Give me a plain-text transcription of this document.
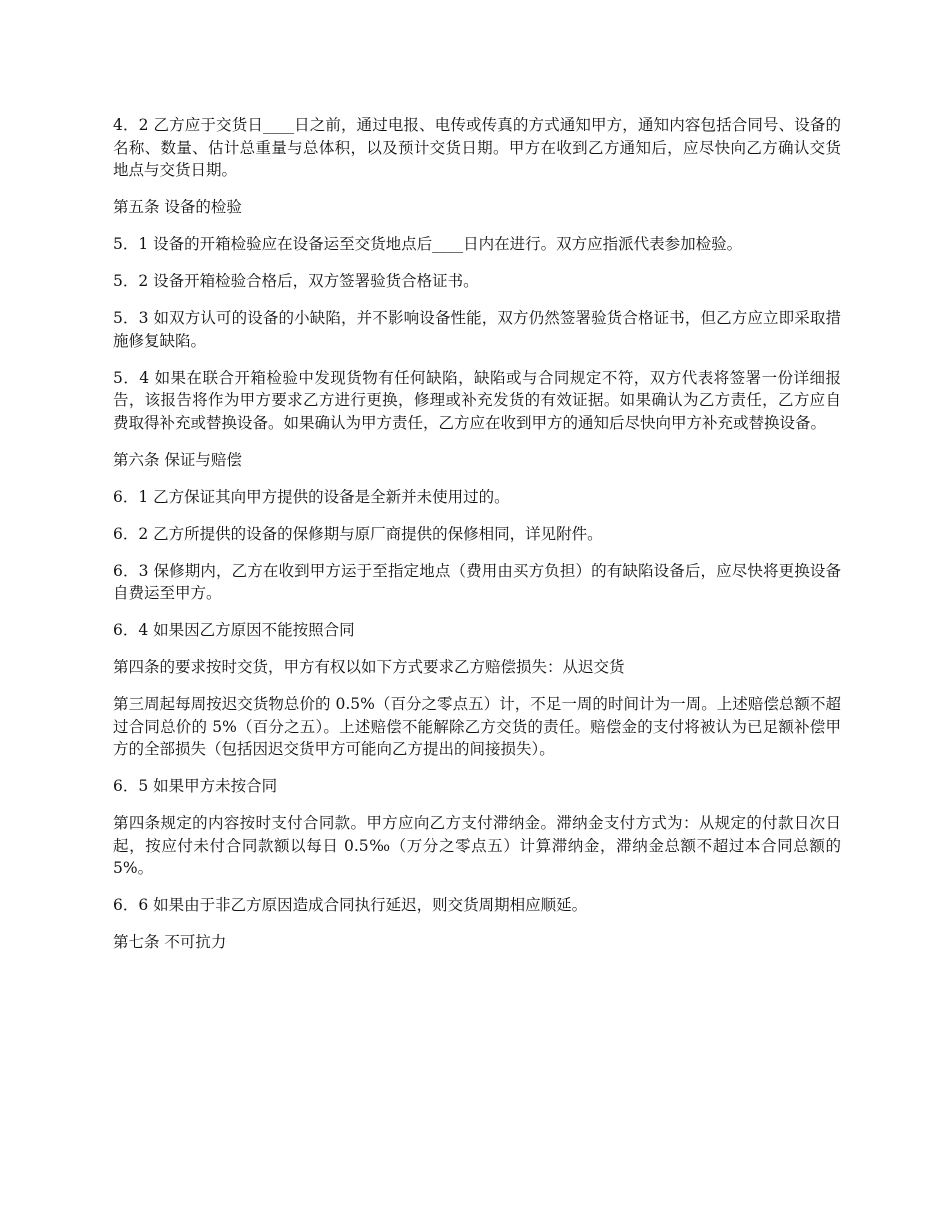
4．2 乙方应于交货日____日之前，通过电报、电传或传真的方式通知甲方，通知内容包括合同号、设备的名称、数量、估计总重量与总体积，以及预计交货日期。甲方在收到乙方通知后，应尽快向乙方确认交货地点与交货日期。

第五条 设备的检验

5．1 设备的开箱检验应在设备运至交货地点后____日内在进行。双方应指派代表参加检验。

5．2 设备开箱检验合格后，双方签署验货合格证书。

5．3 如双方认可的设备的小缺陷，并不影响设备性能，双方仍然签署验货合格证书，但乙方应立即采取措施修复缺陷。

5．4 如果在联合开箱检验中发现货物有任何缺陷，缺陷或与合同规定不符，双方代表将签署一份详细报告，该报告将作为甲方要求乙方进行更换，修理或补充发货的有效证据。如果确认为乙方责任，乙方应自费取得补充或替换设备。如果确认为甲方责任，乙方应在收到甲方的通知后尽快向甲方补充或替换设备。

第六条 保证与赔偿

6．1 乙方保证其向甲方提供的设备是全新并未使用过的。

6．2 乙方所提供的设备的保修期与原厂商提供的保修相同，详见附件。

6．3 保修期内，乙方在收到甲方运于至指定地点（费用由买方负担）的有缺陷设备后，应尽快将更换设备自费运至甲方。

6．4 如果因乙方原因不能按照合同

第四条的要求按时交货，甲方有权以如下方式要求乙方赔偿损失：从迟交货

第三周起每周按迟交货物总价的 0.5%（百分之零点五）计，不足一周的时间计为一周。上述赔偿总额不超过合同总价的 5%（百分之五）。上述赔偿不能解除乙方交货的责任。赔偿金的支付将被认为已足额补偿甲方的全部损失（包括因迟交货甲方可能向乙方提出的间接损失）。

6．5 如果甲方未按合同

第四条规定的内容按时支付合同款。甲方应向乙方支付滞纳金。滞纳金支付方式为：从规定的付款日次日起，按应付未付合同款额以每日 0.5‰（万分之零点五）计算滞纳金，滞纳金总额不超过本合同总额的 5%。

6．6 如果由于非乙方原因造成合同执行延迟，则交货周期相应顺延。

第七条 不可抗力
